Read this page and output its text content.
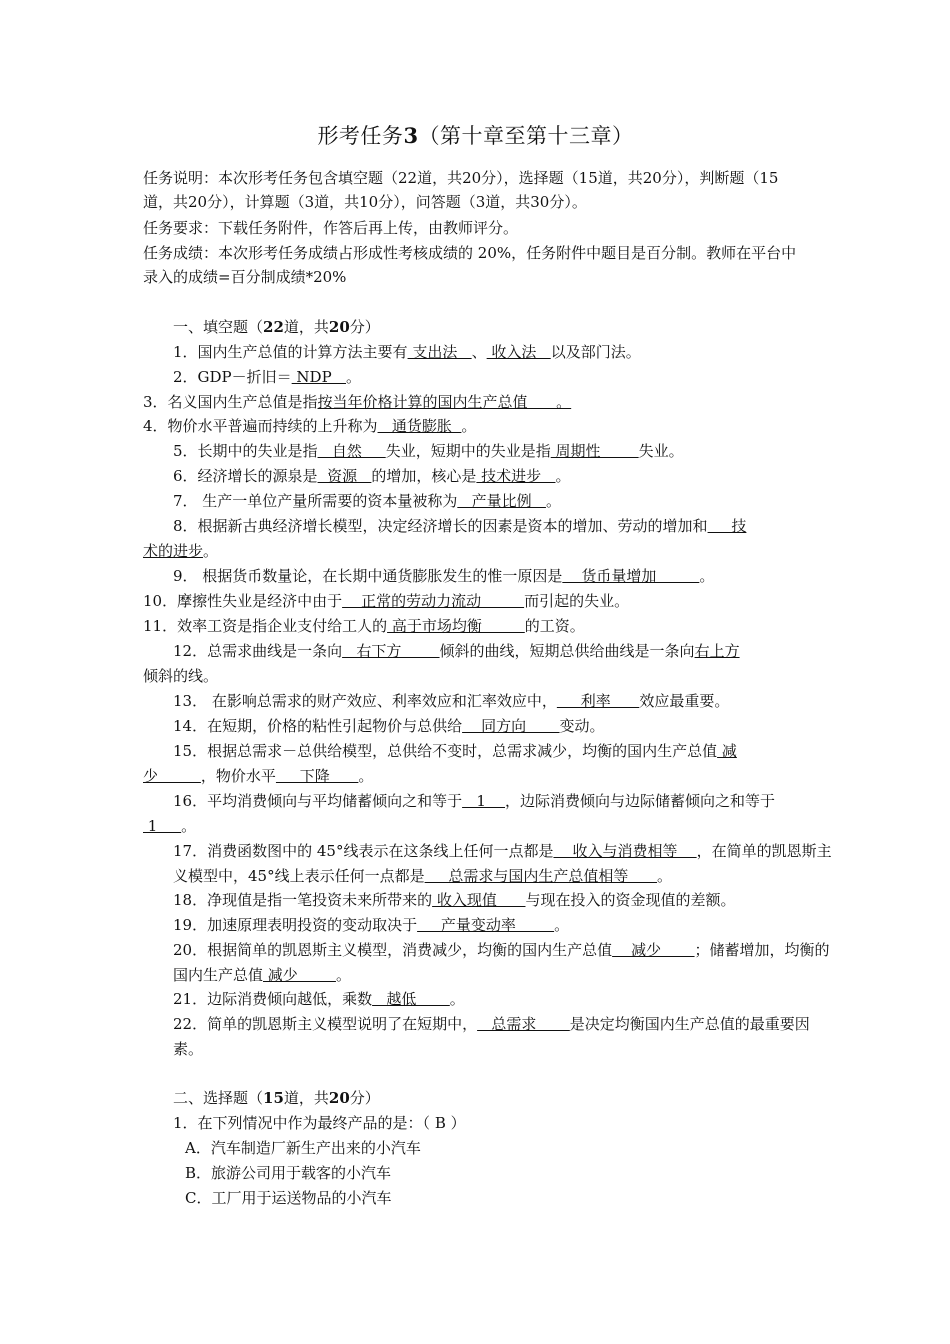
形考任务3（第十章至第十三章）
任务说明：本次形考任务包含填空题（22道，共20分），选择题（15道，共20分），判断题（15道，共20分），计算题（3道，共10分），问答题（3道，共30分）。
任务要求：下载任务附件，作答后再上传，由教师评分。
任务成绩：本次形考任务成绩占形成性考核成绩的 20%，任务附件中题目是百分制。教师在平台中录入的成绩=百分制成绩*20%
一、填空题（22道，共20分）
1．国内生产总值的计算方法主要有 支出法   、 收入法   以及部门法。
2．GDP－折旧＝ NDP   。
3．名义国内生产总值是指按当年价格计算的国内生产总值      。
4．物价水平普遍而持续的上升称为   通货膨胀  。
5．长期中的失业是指   自然     失业，短期中的失业是指 周期性        失业。
6．经济增长的源泉是  资源   的增加，核心是 技术进步   。
7． 生产一单位产量所需要的资本量被称为   产量比例   。
8．根据新古典经济增长模型，决定经济增长的因素是资本的增加、劳动的增加和     技
术的进步。
9． 根据货币数量论，在长期中通货膨胀发生的惟一原因是    货币量增加         。
10．摩擦性失业是经济中由于    正常的劳动力流动         而引起的失业。
11．效率工资是指企业支付给工人的 高于市场均衡         的工资。
12．总需求曲线是一条向   右下方        倾斜的曲线，短期总供给曲线是一条向右上方
倾斜的线。
13． 在影响总需求的财产效应、利率效应和汇率效应中，     利率      效应最重要。
14．在短期，价格的粘性引起物价与总供给    同方向       变动。
15．根据总需求－总供给模型，总供给不变时，总需求减少，均衡的国内生产总值 减
少         ，物价水平     下降      。
16．平均消费倾向与平均储蓄倾向之和等于   1    ，边际消费倾向与边际储蓄倾向之和等于
1     。
17．消费函数图中的 45°线表示在这条线上任何一点都是    收入与消费相等    ，在简单的凯恩斯主义模型中，45°线上表示任何一点都是     总需求与国内生产总值相等      。
18．净现值是指一笔投资未来所带来的 收入现值      与现在投入的资金现值的差额。
19．加速原理表明投资的变动取决于     产量变动率        。
20．根据简单的凯恩斯主义模型，消费减少，均衡的国内生产总值    减少       ；储蓄增加，均衡的国内生产总值 减少        。
21．边际消费倾向越低，乘数   越低       。
22．简单的凯恩斯主义模型说明了在短期中，   总需求       是决定均衡国内生产总值的最重要因素。
二、选择题（15道，共20分）
1．在下列情况中作为最终产品的是：（ B ）
A．汽车制造厂新生产出来的小汽车
B．旅游公司用于载客的小汽车
C．工厂用于运送物品的小汽车
